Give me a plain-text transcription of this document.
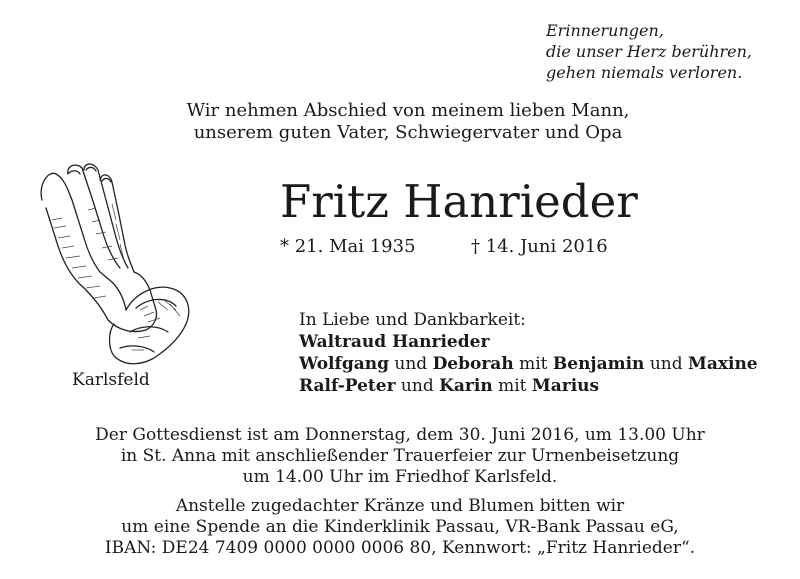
Erinnerungen,
die unser Herz berühren,
gehen niemals verloren.
Wir nehmen Abschied von meinem lieben Mann,
unserem guten Vater, Schwiegervater und Opa
Fritz Hanrieder
* 21. Mai 1935	† 14. Juni 2016
Karlsfeld
In Liebe und Dankbarkeit:
Waltraud Hanrieder
Wolfgang und Deborah mit Benjamin und Maxine
Ralf-Peter und Karin mit Marius
Der Gottesdienst ist am Donnerstag, dem 30. Juni 2016, um 13.00 Uhr
in St. Anna mit anschließender Trauerfeier zur Urnenbeisetzung
um 14.00 Uhr im Friedhof Karlsfeld.
Anstelle zugedachter Kränze und Blumen bitten wir
um eine Spende an die Kinderklinik Passau, VR-Bank Passau eG,
IBAN: DE24 7409 0000 0000 0006 80, Kennwort: „Fritz Hanrieder“.
